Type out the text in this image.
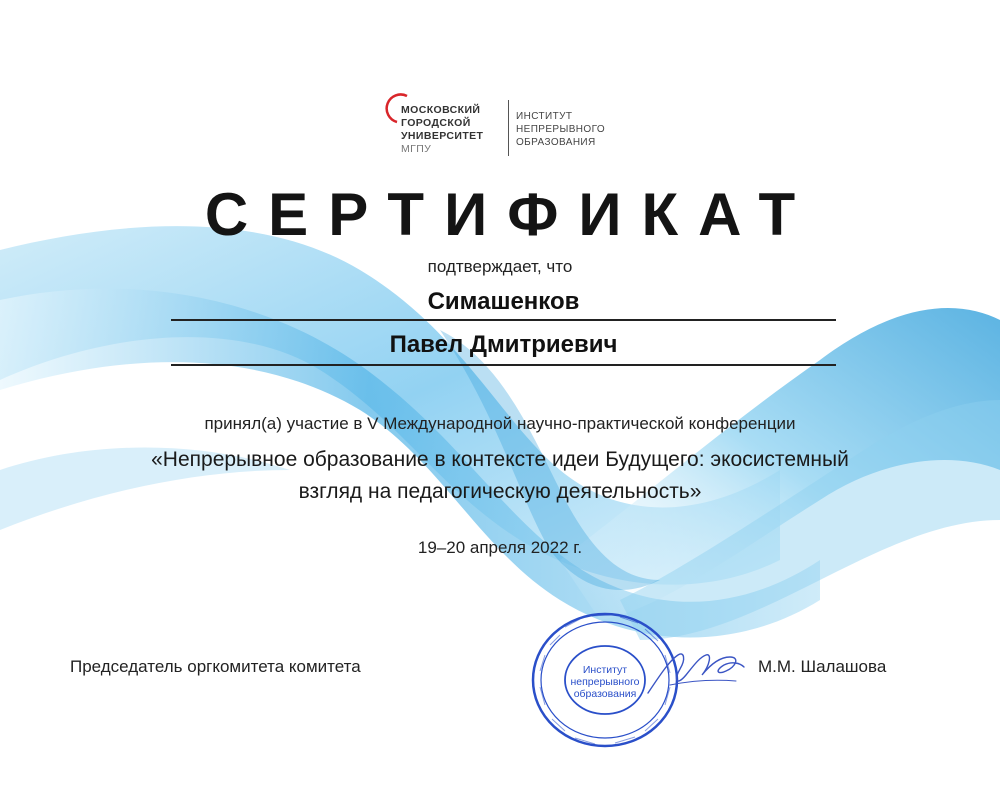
МОСКОВСКИЙ
ГОРОДСКОЙ
УНИВЕРСИТЕТ
МГПУ
ИНСТИТУТ
НЕПРЕРЫВНОГО
ОБРАЗОВАНИЯ
СЕРТИФИКАТ
подтверждает, что
Симашенков
Павел Дмитриевич
принял(а) участие в V Международной научно-практической конференции
«Непрерывное образование в контексте идеи Будущего: экосистемный
взгляд на педагогическую деятельность»
19–20 апреля 2022 г.
Председатель оргкомитета комитета	Институт
непрерывного
образования
М.М. Шалашова
